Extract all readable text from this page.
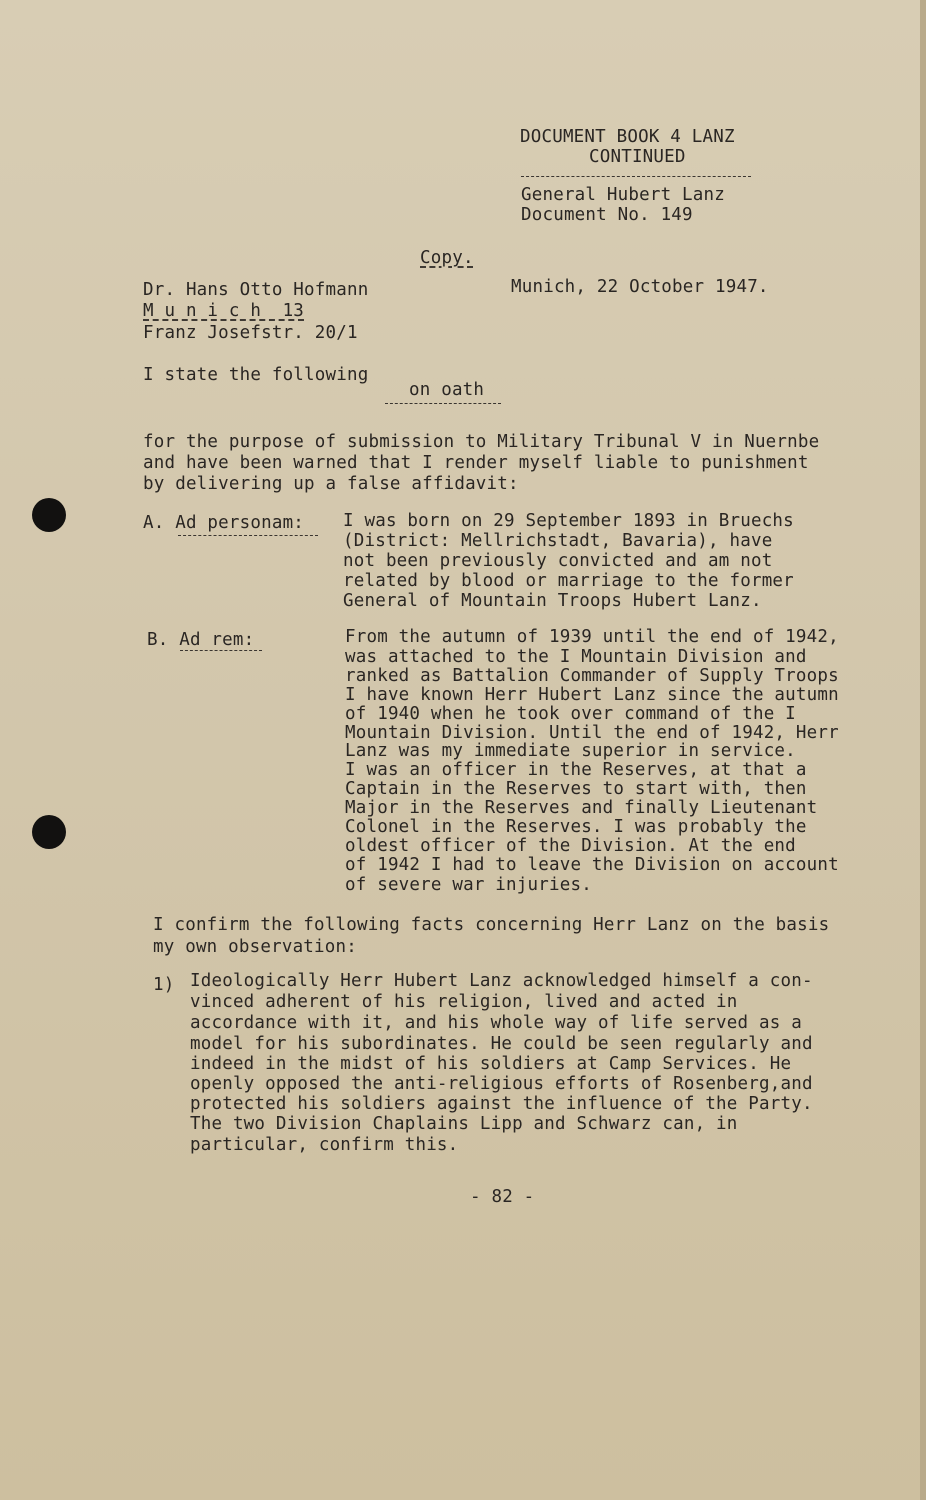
DOCUMENT BOOK 4 LANZ
CONTINUED
General Hubert Lanz
Document No. 149
Copy.
Dr. Hans Otto Hofmann
M u n i c h  13
Franz Josefstr. 20/1
Munich, 22 October 1947.
I state the following
on oath
for the purpose of submission to Military Tribunal V in Nuernbe
and have been warned that I render myself liable to punishment
by delivering up a false affidavit:
A. Ad personam: I was born on 29 September 1893 in Bruechs
(District: Mellrichstadt, Bavaria), have
not been previously convicted and am not
related by blood or marriage to the former
General of Mountain Troops Hubert Lanz.
B. Ad rem:	From the autumn of 1939 until the end of 1942,
was attached to the I Mountain Division and
ranked as Battalion Commander of Supply Troops
I have known Herr Hubert Lanz since the autumn
of 1940 when he took over command of the I
Mountain Division. Until the end of 1942, Herr
Lanz was my immediate superior in service.
I was an officer in the Reserves, at that a
Captain in the Reserves to start with, then
Major in the Reserves and finally Lieutenant
Colonel in the Reserves. I was probably the
oldest officer of the Division. At the end
of 1942 I had to leave the Division on account
of severe war injuries.
I confirm the following facts concerning Herr Lanz on the basis
my own observation:
1) Ideologically Herr Hubert Lanz acknowledged himself a con-
vinced adherent of his religion, lived and acted in
accordance with it, and his whole way of life served as a
model for his subordinates. He could be seen regularly and
indeed in the midst of his soldiers at Camp Services. He
openly opposed the anti-religious efforts of Rosenberg,and
protected his soldiers against the influence of the Party.
The two Division Chaplains Lipp and Schwarz can, in
particular, confirm this.
- 82 -
